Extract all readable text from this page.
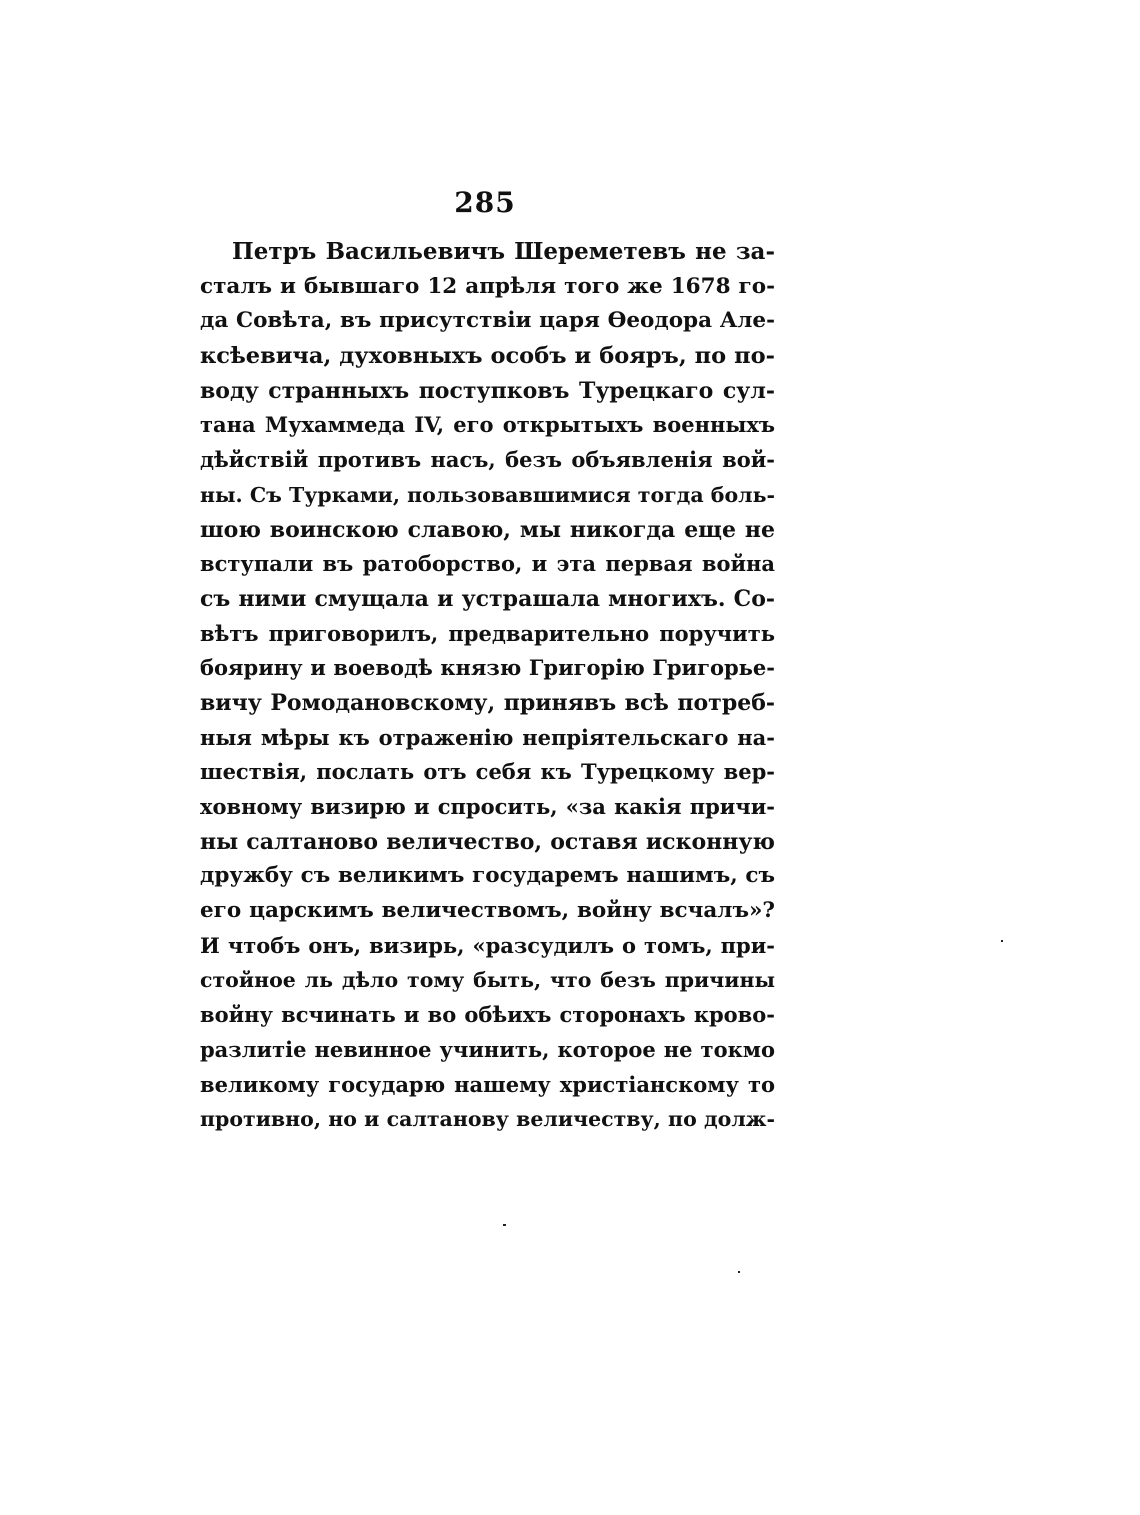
285
Петръ Васильевичъ Шереметевъ не за-
сталъ и бывшаго 12 апрѣля того же 1678 го-
да Совѣта, въ присутствіи царя Ѳеодора Але-
ксѣевича, духовныхъ особъ и бояръ, по по-
воду странныхъ поступковъ Турецкаго сул-
тана Мухаммеда IV, его открытыхъ военныхъ
дѣйствій противъ насъ, безъ объявленія вой-
ны. Съ Турками, пользовавшимися тогда боль-
шою воинскою славою, мы никогда еще не
вступали въ ратоборство, и эта первая война
съ ними смущала и устрашала многихъ. Со-
вѣтъ приговорилъ, предварительно поручить
боярину и воеводѣ князю Григорію Григорье-
вичу Ромодановскому, принявъ всѣ потреб-
ныя мѣры къ отраженію непріятельскаго на-
шествія, послать отъ себя къ Турецкому вер-
ховному визирю и спросить, «за какія причи-
ны салтаново величество, оставя исконную
дружбу съ великимъ государемъ нашимъ, съ
его царскимъ величествомъ, войну всчалъ»?
И чтобъ онъ, визирь, «разсудилъ о томъ, при-
стойное ль дѣло тому быть, что безъ причины
войну всчинать и во обѣихъ сторонахъ крово-
разлитіе невинное учинить, которое не токмо
великому государю нашему христіанскому то
противно, но и салтанову величеству, по долж-
